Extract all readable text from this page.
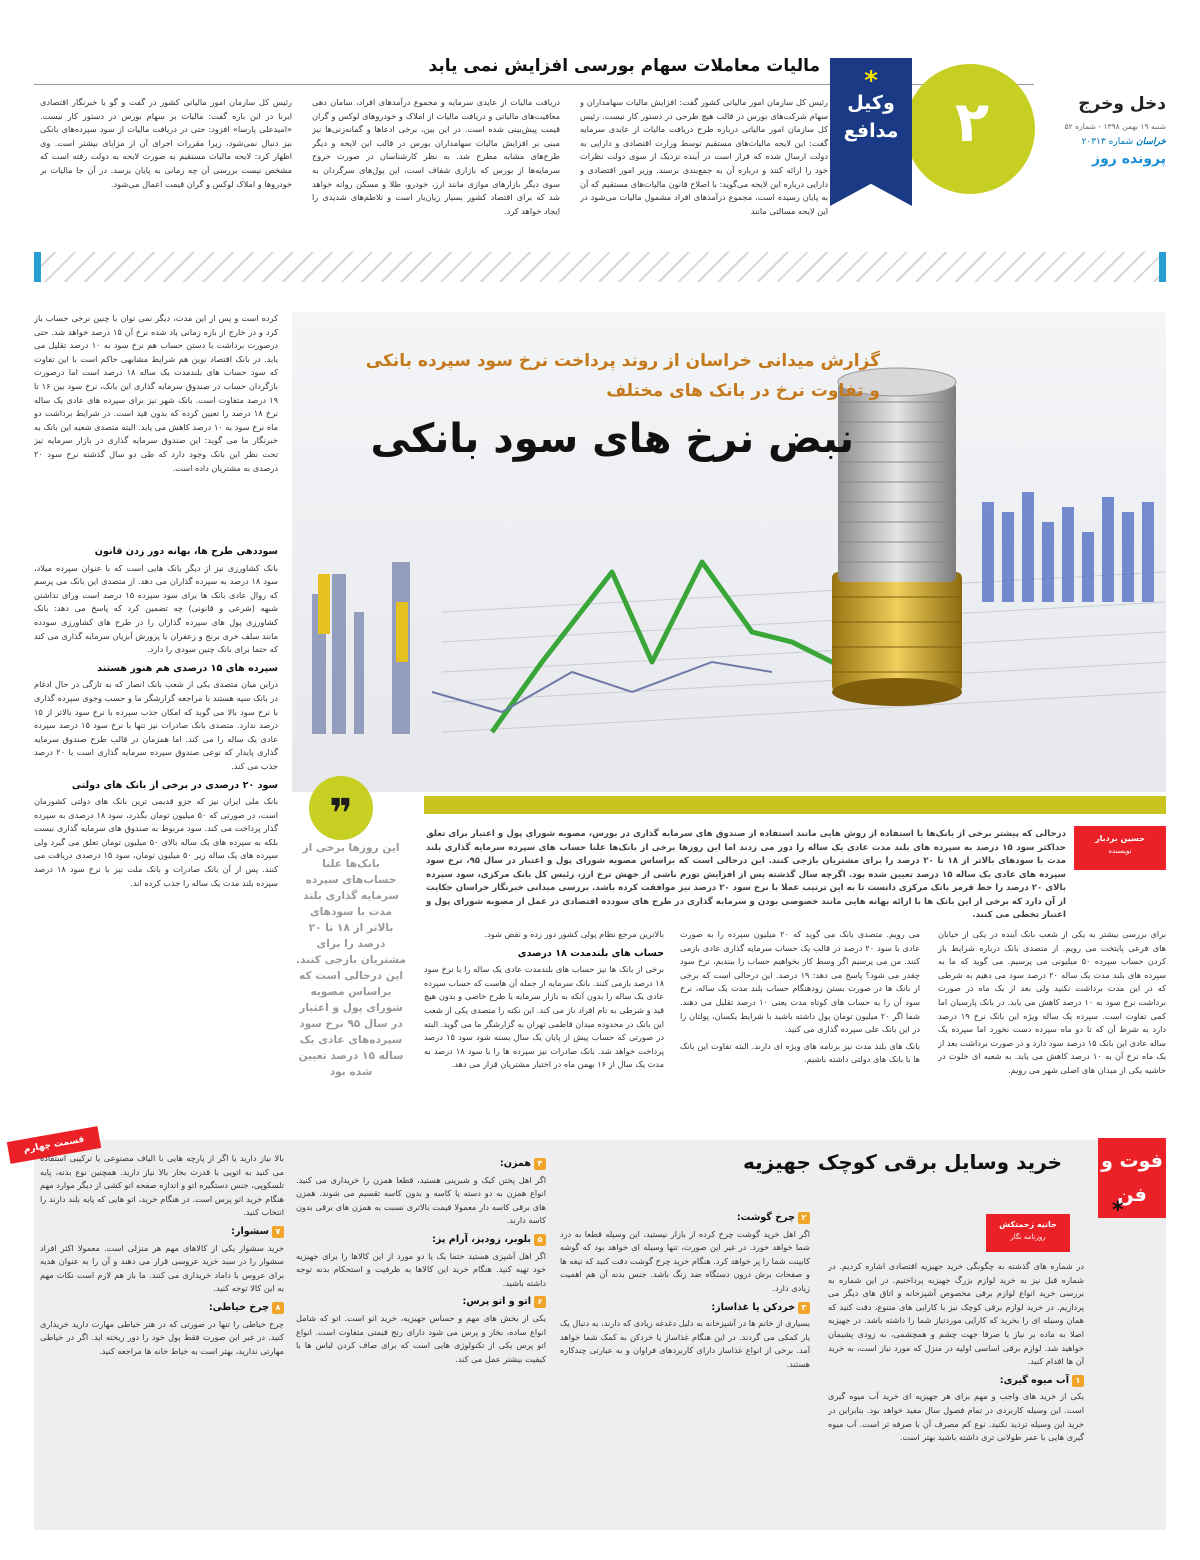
مالیات معاملات سهام بورسی افزایش نمی یابد
دخل وخرج
شنبه ۱۹ بهمن ۱۳۹۸ - شماره ۵۲
خراسان شماره ۲۰۳۱۳
پرونده روز
۲
*
وکیل
مدافع
رئیس کل سازمان امور مالیاتی کشور گفت: افزایش مالیات سهامداران و سهام شرکت‌های بورس در قالب هیچ طرحی در دستور کار نیست. رئیس کل سازمان امور مالیاتی درباره طرح دریافت مالیات از عایدی سرمایه گفت: این لایحه مالیات‌های مستقیم توسط وزارت اقتصادی و دارایی به دولت ارسال شده که قرار است در آینده نزدیک از سوی دولت نظرات خود را ارائه کنند و درباره آن به جمع‌بندی برسند. وزیر امور اقتصادی و دارایی درباره این لایحه می‌گوید: با اصلاح قانون مالیات‌های مستقیم که آن به پایان رسیده است، مجموع درآمدهای افراد مشمول مالیات می‌شود در این لایحه مسالتی مانند
دریافت مالیات از عایدی سرمایه و مجموع درآمدهای افراد، سامان دهی معافیت‌های مالیاتی و دریافت مالیات از املاک و خودروهای لوکس و گران قیمت پیش‌بینی شده است. در این بین، برخی ادعاها و گمانه‌زنی‌ها نیز مبنی بر افزایش مالیات سهامداران بورس در قالب این لایحه و دیگر طرح‌های مشابه مطرح شد. به نظر کارشناسان در صورت خروج سرمایه‌ها از بورس که بازاری شفاف است، این پول‌های سرگردان به سوی دیگر بازارهای موازی مانند ارز، خودرو، طلا و مسکن روانه خواهد شد که برای اقتصاد کشور بسیار زیان‌بار است و تلاطم‌های شدیدی را ایجاد خواهد کرد.
رئیس کل سازمان امور مالیاتی کشور در گفت و گو با خبرنگار اقتصادی ایرنا در این باره گفت: مالیات بر سهام بورس در دستور کار نیست. «امیدعلی پارسا» افزود: حتی در دریافت مالیات از سود سپرده‌های بانکی نیز دنبال نمی‌شود، زیرا مقررات اجرای آن از مزایای بیشتر است. وی اظهار کرد: لایحه مالیات مستقیم به صورت لایحه به دولت رفته است که مشخص نیست بررسی آن چه زمانی به پایان برسد. در آن جا مالیات بر خودروها و املاک لوکس و گران قیمت اعمال می‌شود.
گزارش میدانی خراسان از روند پرداخت نرخ سود سپرده بانکی
و تفاوت نرخ در بانک های مختلف
نبض نرخ های سود بانکی
❞
این روزها برخی از بانک‌ها علنا حساب‌های سپرده سرمایه گذاری بلند مدت با سودهای بالاتر از ۱۸ تا ۲۰ درصد را برای مشتریان بازجی کنند. این درحالی است که براساس مصوبه شورای پول و اعتبار در سال ۹۵ نرخ سود سپرده‌های عادی یک ساله ۱۵ درصد تعیین شده بود
حسین بردبار
نویسنده
درحالی که پیشتر برخی از بانک‌ها با استفاده از روش هایی مانند استفاده از صندوق های سرمایه گذاری در بورس، مصوبه شورای پول و اعتبار برای تعلق حداکثر سود ۱۵ درصد به سپرده های بلند مدت عادی یک ساله را دور می زدند اما این روزها برخی از بانک‌ها علنا حساب های سپرده سرمایه گذاری بلند مدت با سودهای بالاتر از ۱۸ تا ۲۰ درصد را برای مشتریان بازجی کنند. این درحالی است که براساس مصوبه شورای پول و اعتبار در سال ۹۵، نرخ سود سپرده های عادی یک ساله ۱۵ درصد تعیین شده بود. اگرچه سال گذشته پس از افزایش تورم ناشی از جهش نرخ ارز، رئیس کل بانک مرکزی، سود سپرده بالای ۲۰ درصد را خط قرمز بانک مرکزی دانست تا به این ترتیب عملا با نرخ سود ۲۰ درصد نیز موافقت کرده باشد. بررسی میدانی خبرنگار خراسان حکایت از آن دارد که برخی از این بانک ها با ارائه بهانه هایی مانند خصوصی بودن و سرمایه گذاری در طرح های سودده اقتصادی در عمل از مصوبه شورای پول و اعتبار تخطی می کنند.

کرده است و پس از این مدت، دیگر نمی توان با چنین نرخی حساب باز کرد و در خارج از بازه زمانی یاد شده نرخ آن ۱۵ درصد خواهد شد. حتی درصورت برداشت با دستن حساب هم نرخ سود به ۱۰ درصد تقلیل می یابد. در بانک اقتصاد نوین هم شرایط مشابهی حاکم است با این تفاوت که سود حساب های بلندمدت یک ساله ۱۸ درصد است اما درصورت بازگردان حساب در صندوق سرمایه گذاری این بانک، نرخ سود بین ۱۶ تا ۱۹ درصد متفاوت است. بانک شهر نیز برای سپرده های عادی یک ساله نرخ ۱۸ درصد را تعیین کرده که بدون قید است. در شرایط برداشت دو ماه نرخ سود به ۱۰ درصد کاهش می یابد. البته متصدی شعبه این بانک به خبرنگار ما می گوید: این صندوق سرمایه گذاری در بازار سرمایه نیز تحت نظر این بانک وجود دارد که طی دو سال گذشته نرخ سود ۲۰ درصدی به مشتریان داده است.

سوددهی طرح ها، بهانه دور زدن قانون

بانک کشاورزی نیز از دیگر بانک هایی است که با عنوان سپرده میلاد، سود ۱۸ درصد به سپرده گذاران می دهد. از متصدی این بانک می پرسم که روال عادی بانک ها برای سود سپرده ۱۵ درصد است ورای نداشتن شبهه (شرعی و قانونی) چه تضمین کرد که پاسخ می دهد: بانک کشاورزی پول های سپرده گذاران را در طرح های کشاورزی سودده مانند سلف خری برنج و زعفران یا پرورش آبزیان سرمایه گذاری می کند که حتما برای بانک چنین سودی را دارد.

سپرده های ۱۵ درصدی هم هنوز هستند

دراین میان متصدی یکی از شعب بانک انصار که به تازگی در حال ادغام در بانک سپه هستند با مراجعه گزارشگر ما و حسب وجوی سپرده گذاری با نرخ سود بالا می گوید که امکان جذب سپرده با نرخ سود بالاتر از ۱۵ درصد ندارد. متصدی بانک صادرات نیز تنها با نرخ سود ۱۵ درصد سپرده عادی یک ساله را می کند. اما همزمان در قالب طرح صندوق سرمایه گذاری پایدار که نوعی صندوق سپرده سرمایه گذاری است با ۲۰ درصد جذب می کند.

سود ۲۰ درصدی در برخی از بانک های دولتی

بانک ملی ایران نیز که جزو قدیمی ترین بانک های دولتی کشورمان است، در صورتی که ۵۰ میلیون تومان بگذرد، سود ۱۸ درصدی به سپرده گذار پرداخت می کند. سود مربوط به صندوق های سرمایه گذاری نیست بلکه به سپرده های یک ساله بالای ۵۰ میلیون تومان تعلق می گیرد ولی سپرده های یک ساله زیر ۵۰ میلیون تومان، سود ۱۵ درصدی دریافت می کنند. پس از آن بانک صادرات و بانک ملت نیز با نرخ سود ۱۸ درصد سپرده بلند مدت یک ساله را جذب کرده اند.

برای بررسی بیشتر به یکی از شعب بانک آینده در یکی از خیابان های فرعی پایتخت می رویم. از متصدی بانک درباره شرایط باز کردن حساب سپرده ۵۰ میلیونی می پرسیم. می گوید که ما به سپرده های بلند مدت یک ساله ۲۰ درصد سود می دهیم به شرطی که در این مدت برداشت نکنید ولی بعد از یک ماه در صورت برداشت نرخ سود به ۱۰ درصد کاهش می یابد. در بانک پارسیان اما کمی تفاوت است. سپرده یک ساله ویژه این بانک نرخ ۱۹ درصد دارد به شرط آن که تا دو ماه سپرده دست نخورد اما سپرده یک ساله عادی این بانک ۱۵ درصد سود دارد و در صورت برداشت بعد از یک ماه نرخ آن به ۱۰ درصد کاهش می یابد. به شعبه ای خلوت در حاشیه یکی از میدان های اصلی شهر می رویم.

می رویم. متصدی بانک می گوید که ۲۰ میلیون سپرده را به صورت عادی با سود ۲۰ درصد در قالب یک حساب سرمایه گذاری عادی بازمی کنند. من می پرسیم اگر وسط کار بخواهیم حساب را ببندیم، نرخ سود چقدر می شود؟ پاسخ می دهد: ۱۹ درصد. این درحالی است که برخی از بانک ها در صورت بستن زودهنگام حساب بلند مدت یک ساله، نرخ سود آن را به حساب های کوتاه مدت یعنی ۱۰ درصد تقلیل می دهند. شما اگر ۲۰ میلیون تومان پول داشته باشید با شرایط یکسان، پولتان را در این بانک علی سپرده گذاری می کنید.

بانک های بلند مدت نیز برنامه های ویژه ای دارند. البته تفاوت این بانک ها با بانک های دولتی داشته باشیم.

بالاترین مرجع نظام پولی کشور دور زده و نقض شود.

حساب های بلندمدت ۱۸ درصدی

برخی از بانک ها نیز حساب های بلندمدت عادی یک ساله را با نرخ سود ۱۸ درصد بازمی کنند. بانک سرمایه از جمله آن هاست که حساب سپرده عادی یک ساله را بدون آنکه به بازار سرمایه یا طرح خاصی و بدون هیچ قید و شرطی به نام افراد باز می کند. این نکته را متصدی یکی از شعب این بانک در محدوده میدان قاطمی تهران به گزارشگر ما می گوید. البته در صورتی که حساب پیش از پایان یک سال بسته شود سود ۱۵ درصد پرداخت خواهد شد. بانک صادرات نیز سپرده ها را با سود ۱۸ درصد به مدت یک سال از ۱۶ بهمن ماه در اختیار مشتریان قرار می دهد.

قسمت چهارم
فوت و
فن
*
خرید وسایل برقی کوچک جهیزیه
حانیه زحمتکش
روزنامه نگار

در شماره های گذشته به چگونگی خرید جهیزیه اقتصادی اشاره کردیم. در شماره قبل نیز به خرید لوازم بزرگ جهیزیه پرداختیم. در این شماره به بررسی خرید انواع لوازم برقی مخصوص آشپزخانه و اتاق های دیگر می پردازیم. در خرید لوازم برقی کوچک نیز با کارایی های متنوع، دقت کنید که همان وسیله ای را بخرید که کارایی موردنیاز شما را داشته باشد. در جهیزیه اصلا به ماده بر نیاز یا صرفا جهت چشم و همچشمی، به زودی پشیمان خواهید شد. لوازم برقی اساسی اولیه در منزل که مورد نیاز است، به خرید آن ها اقدام کنید.

۱آب میوه گیری:

یکی از خرید های واجب و مهم برای هر جهیزیه ای خرید آب میوه گیری است. این وسیله کاربردی در تمام فصول سال مفید خواهد بود. بنابراین در خرید این وسیله تردید نکنید. نوع کم مصرف آن با صرفه تر است. آب میوه گیری هایی با عمر طولانی تری داشته باشید بهتر است.

۲چرخ گوشت:

اگر اهل خرید گوشت چرخ کرده از بازار نیستید، این وسیله قطعا به درد شما خواهد خورد. در غیر این صورت، تنها وسیله ای خواهد بود که گوشه کابینت شما را پر خواهد کرد. هنگام خرید چرخ گوشت دقت کنید که تیغه ها و صفحات برش درون دستگاه ضد زنگ باشد. جنس بدنه آن هم اهمیت زیادی دارد.

۳خردکن یا غذاساز:

بسیاری از خانم ها در آشپزخانه به دلیل دغدغه زیادی که دارند، به دنبال یک یار کمکی می گردند. در این هنگام غذاساز یا خردکن به کمک شما خواهد آمد. برخی از انواع غذاساز دارای کاربردهای فراوان و به عبارتی چندکاره هستند.

۴همزن:

اگر اهل پختن کیک و شیرینی هستید، قطعا همزن را خریداری می کنید. انواع همزن به دو دسته یا کاسه و بدون کاسه تقسیم می شوند. همزن های برقی کاسه دار معمولا قیمت بالاتری نسبت به همزن های برقی بدون کاسه دارند.

۵بلوبر، زودپز، آرام پز:

اگر اهل آشپزی هستید حتما یک یا دو مورد از این کالاها را برای جهیزیه خود تهیه کنید. هنگام خرید این کالاها به ظرفیت و استحکام بدنه توجه داشته باشید.

۶اتو و اتو پرس:

یکی از بخش های مهم و حساس جهیزیه، خرید اتو است. اتو که شامل انواع ساده، بخار و پرس می شود دارای رنج قیمتی متفاوت است. انواع اتو پرس یکی از تکنولوژی هایی است که برای صاف کردن لباس ها با کیفیت بیشتر عمل می کند.

بالا نیاز دارید یا اگر از پارچه هایی با الیاف مصنوعی یا ترکیبی استفاده می کنید به اتویی با قدرت بخار بالا نیاز دارید. همچنین نوع بدنه، پایه تلسکوپی، جنس دستگیره اتو و اندازه صفحه اتو کشی از دیگر موارد مهم هنگام خرید اتو پرس است. در هنگام خرید، اتو هایی که پایه بلند دارند را انتخاب کنید.

۷سشوار:

خرید سشوار یکی از کالاهای مهم هر منزلی است. معمولا اکثر افراد سشوار را در سبد خرید عروسی قرار می دهند و آن را به عنوان هدیه برای عروس با داماد خریداری می کنند. ما باز هم لازم است نکات مهم به این کالا توجه کنید.

۸چرخ خیاطی:

چرخ خیاطی را تنها در صورتی که در هنر خیاطی مهارت دارید خریداری کنید. در غیر این صورت فقط پول خود را دور ریخته اید. اگر در خیاطی مهارتی ندارید، بهتر است به خیاط خانه ها مراجعه کنید.
